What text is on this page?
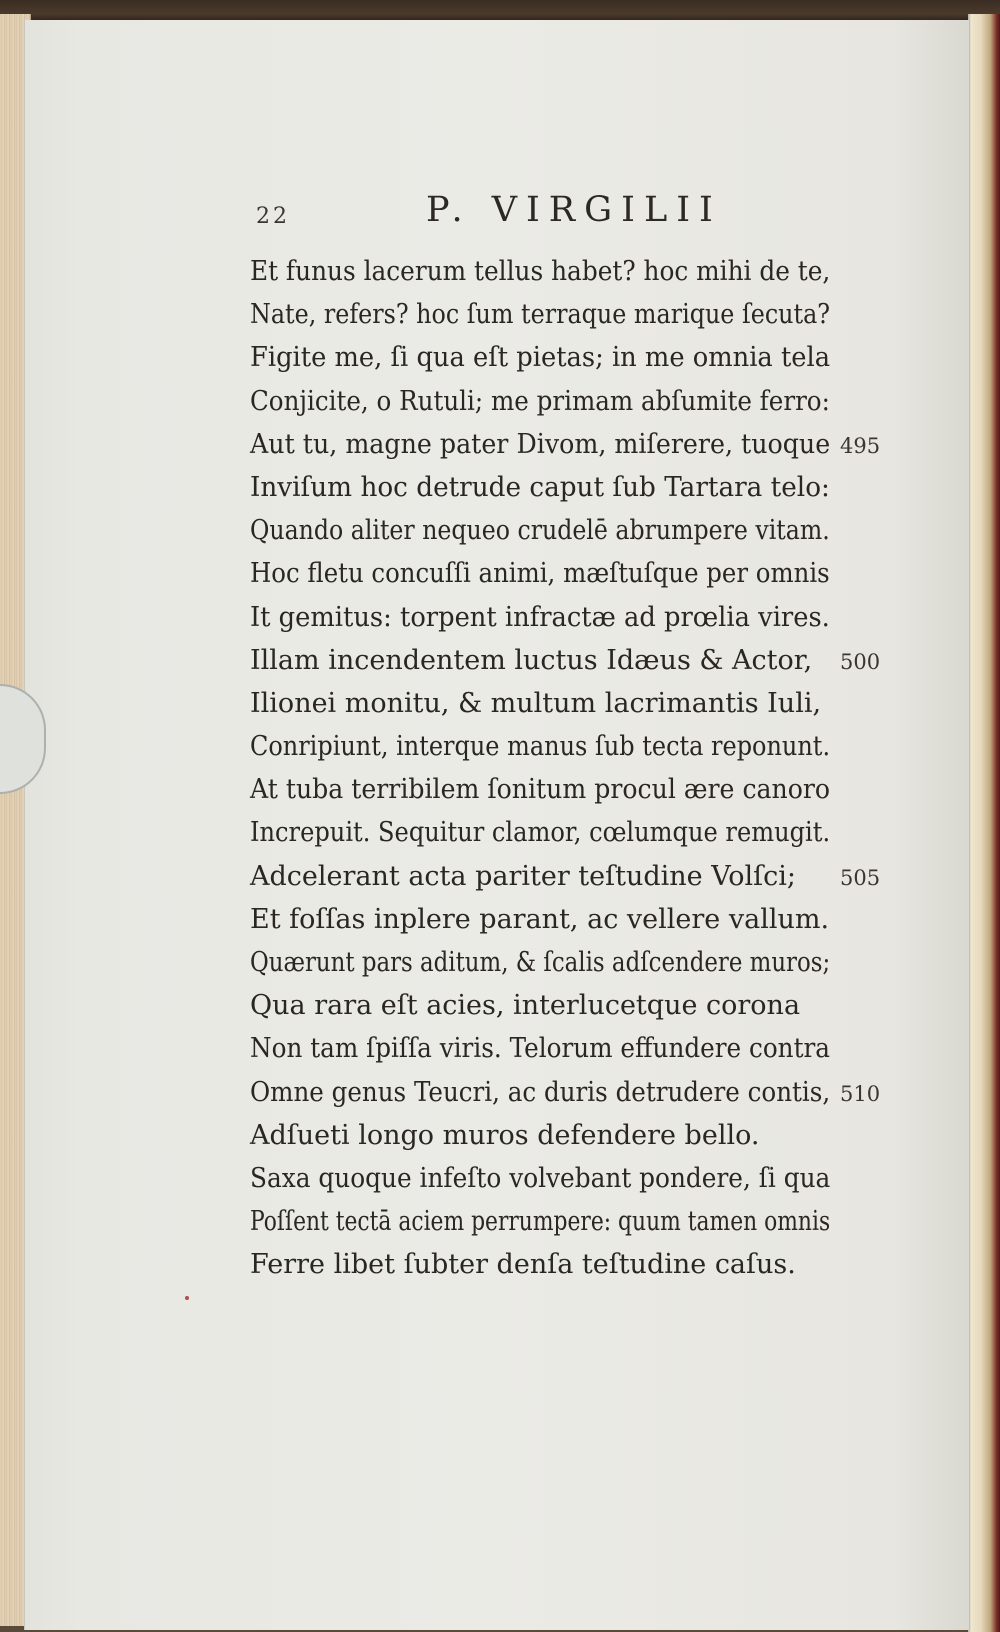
22	P. VIRGILII
Et funus lacerum tellus habet? hoc mihi de te,
Nate, refers? hoc ſum terraque marique ſecuta?
Figite me, ſi qua eſt pietas; in me omnia tela
Conjicite, o Rutuli; me primam abſumite ferro:
Aut tu, magne pater Divom, miſerere, tuoque 495
Inviſum hoc detrude caput ſub Tartara telo:
Quando aliter nequeo crudelē abrumpere vitam.
Hoc fletu concuſſi animi, mæſtuſque per omnis
It gemitus: torpent infractæ ad prœlia vires.
Illam incendentem luctus Idæus & Actor, 500
Ilionei monitu, & multum lacrimantis Iuli,
Conripiunt, interque manus ſub tecta reponunt.
At tuba terribilem ſonitum procul ære canoro
Increpuit. Sequitur clamor, cœlumque remugit.
Adcelerant acta pariter teſtudine Volſci; 505
Et foſſas inplere parant, ac vellere vallum.
Quærunt pars aditum, & ſcalis adſcendere muros;
Qua rara eſt acies, interlucetque corona
Non tam ſpiſſa viris. Telorum effundere contra
Omne genus Teucri, ac duris detrudere contis, 510
Adſueti longo muros defendere bello.
Saxa quoque infeſto volvebant pondere, ſi qua
Poſſent tectā aciem perrumpere: quum tamen omnis
Ferre libet ſubter denſa teſtudine caſus.
